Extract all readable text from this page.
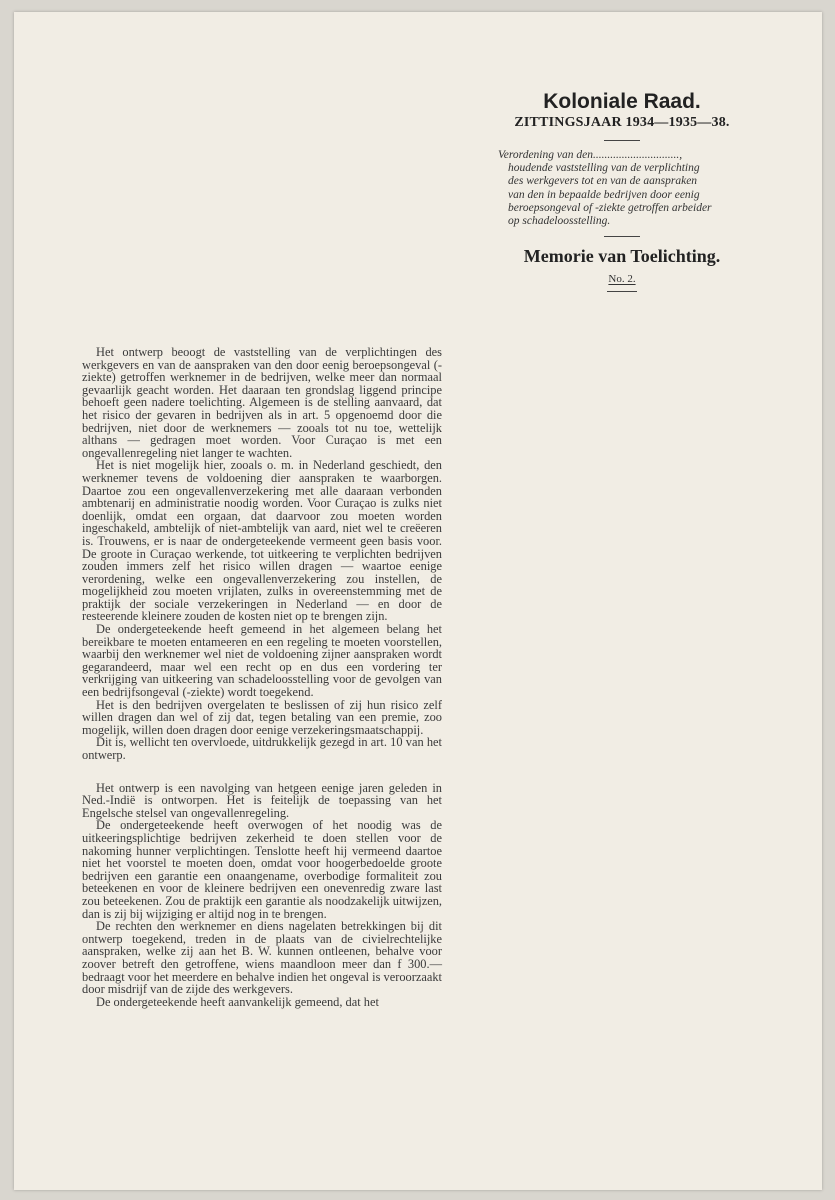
Koloniale Raad.
ZITTINGSJAAR 1934—1935—38.
Verordening van den..............................,
houdende vaststelling van de verplichting
des werkgevers tot en van de aanspraken
van den in bepaalde bedrijven door eenig
beroepsongeval of -ziekte getroffen arbeider
op schadeloosstelling.
Memorie van Toelichting.
No. 2.

Het ontwerp beoogt de vaststelling van de verplichtingen des werkgevers en van de aanspraken van den door eenig beroepsongeval (-ziekte) getroffen werknemer in de bedrijven, welke meer dan normaal gevaarlijk geacht worden. Het daaraan ten grondslag liggend principe behoeft geen nadere toelichting. Algemeen is de stelling aanvaard, dat het risico der gevaren in bedrijven als in art. 5 opgenoemd door die bedrijven, niet door de werknemers — zooals tot nu toe, wettelijk althans — gedragen moet worden. Voor Curaçao is met een ongevallenregeling niet langer te wachten.

Het is niet mogelijk hier, zooals o. m. in Nederland geschiedt, den werknemer tevens de voldoening dier aanspraken te waarborgen. Daartoe zou een ongevallenverzekering met alle daaraan verbonden ambtenarij en administratie noodig worden. Voor Curaçao is zulks niet doenlijk, omdat een orgaan, dat daarvoor zou moeten worden ingeschakeld, ambtelijk of niet-ambtelijk van aard, niet wel te creëeren is. Trouwens, er is naar de ondergeteekende vermeent geen basis voor. De groote in Curaçao werkende, tot uitkeering te verplichten bedrijven zouden immers zelf het risico willen dragen — waartoe eenige verordening, welke een ongevallenverzekering zou instellen, de mogelijkheid zou moeten vrijlaten, zulks in overeenstemming met de praktijk der sociale verzekeringen in Nederland — en door de resteerende kleinere zouden de kosten niet op te brengen zijn.

De ondergeteekende heeft gemeend in het algemeen belang het bereikbare te moeten entameeren en een regeling te moeten voorstellen, waarbij den werknemer wel niet de voldoening zijner aanspraken wordt gegarandeerd, maar wel een recht op en dus een vordering ter verkrijging van uitkeering van schadeloosstelling voor de gevolgen van een bedrijfsongeval (-ziekte) wordt toegekend.

Het is den bedrijven overgelaten te beslissen of zij hun risico zelf willen dragen dan wel of zij dat, tegen betaling van een premie, zoo mogelijk, willen doen dragen door eenige verzekeringsmaatschappij.

Dit is, wellicht ten overvloede, uitdrukkelijk gezegd in art. 10 van het ontwerp.

Het ontwerp is een navolging van hetgeen eenige jaren geleden in Ned.-Indië is ontworpen. Het is feitelijk de toepassing van het Engelsche stelsel van ongevallenregeling.

De ondergeteekende heeft overwogen of het noodig was de uitkeeringsplichtige bedrijven zekerheid te doen stellen voor de nakoming hunner verplichtingen. Tenslotte heeft hij vermeend daartoe niet het voorstel te moeten doen, omdat voor hoogerbedoelde groote bedrijven een garantie een onaangename, overbodige formaliteit zou beteekenen en voor de kleinere bedrijven een onevenredig zware last zou beteekenen. Zou de praktijk een garantie als noodzakelijk uitwijzen, dan is zij bij wijziging er altijd nog in te brengen.

De rechten den werknemer en diens nagelaten betrekkingen bij dit ontwerp toegekend, treden in de plaats van de civielrechtelijke aanspraken, welke zij aan het B. W. kunnen ontleenen, behalve voor zoover betreft den getroffene, wiens maandloon meer dan f 300.— bedraagt voor het meerdere en behalve indien het ongeval is veroorzaakt door misdrijf van de zijde des werkgevers.

De ondergeteekende heeft aanvankelijk gemeend, dat het
